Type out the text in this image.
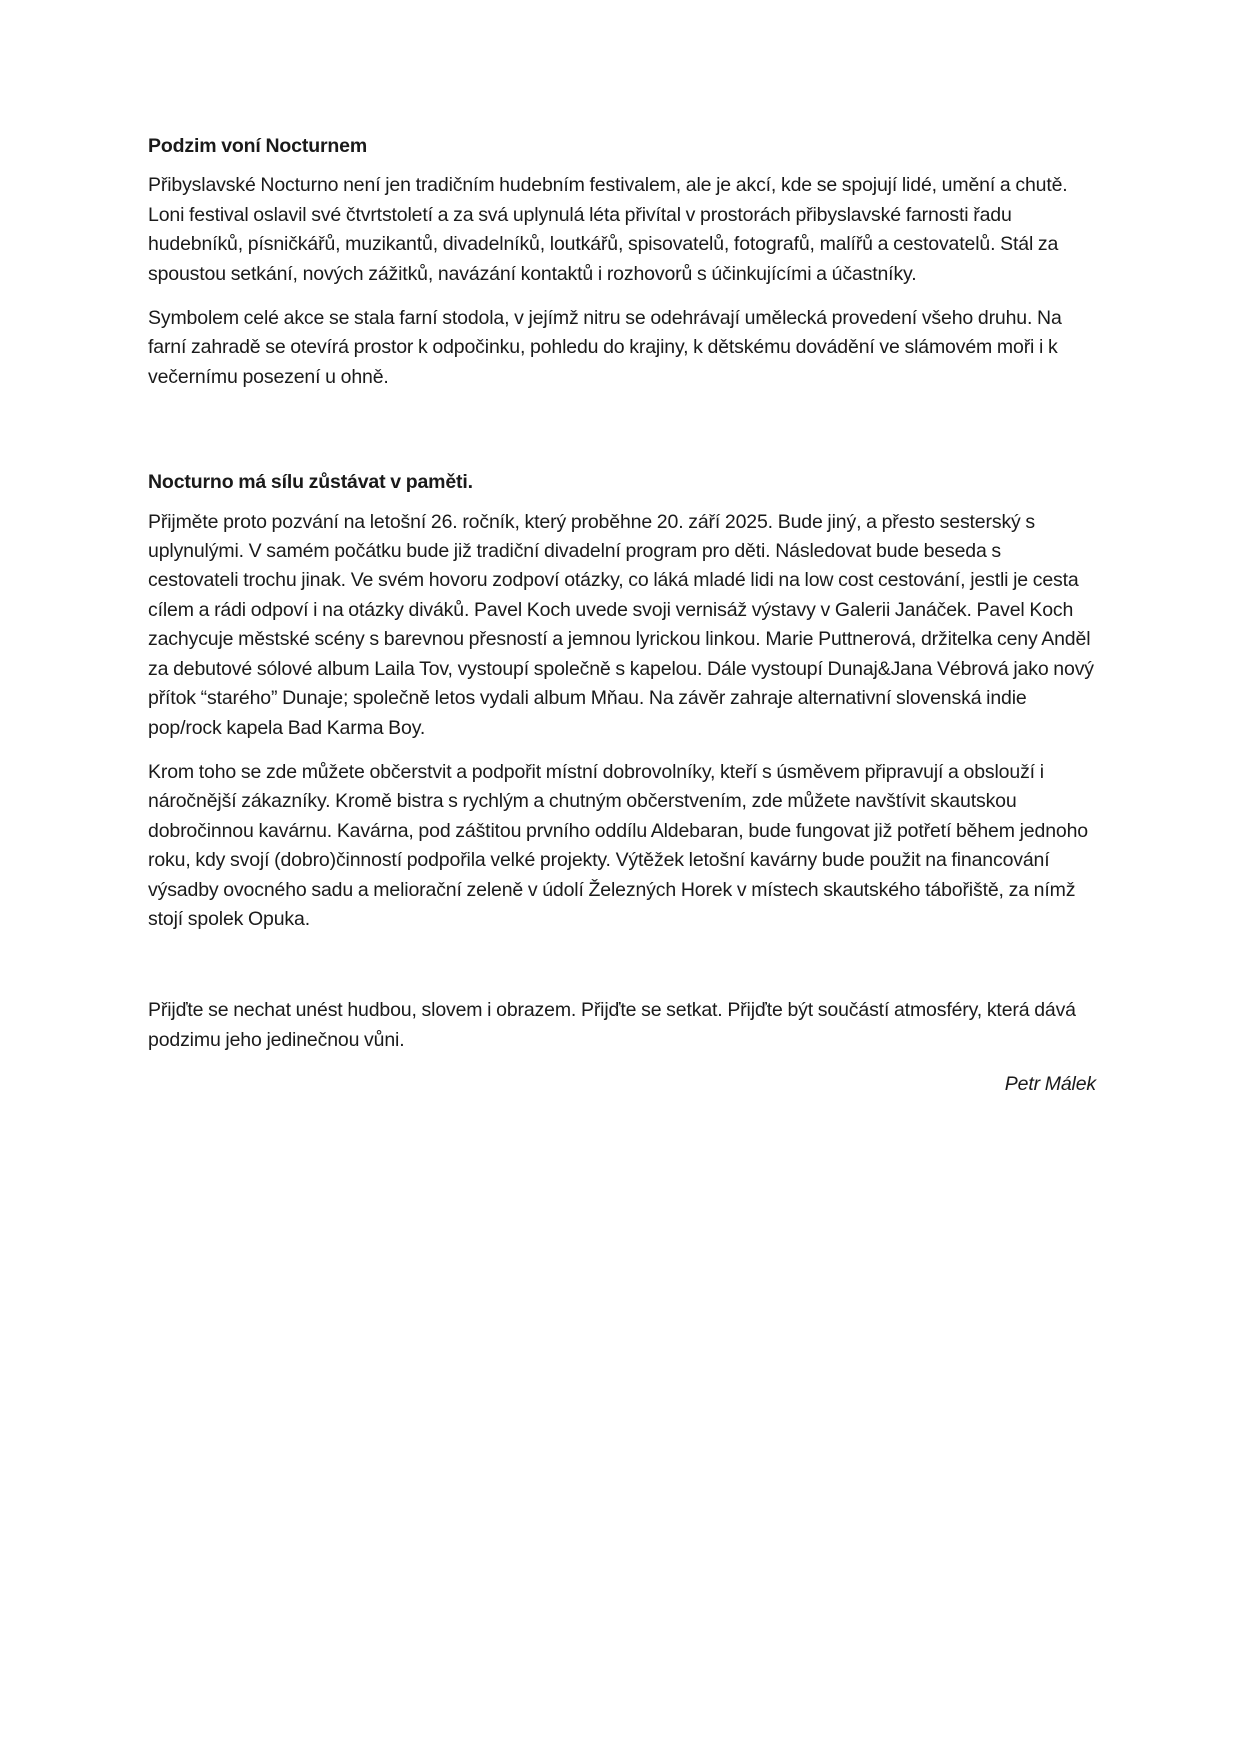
Podzim voní Nocturnem

Přibyslavské Nocturno není jen tradičním hudebním festivalem, ale je akcí, kde se spojují lidé, umění a chutě. Loni festival oslavil své čtvrtstoletí a za svá uplynulá léta přivítal v prostorách přibyslavské farnosti řadu hudebníků, písničkářů, muzikantů, divadelníků, loutkářů, spisovatelů, fotografů, malířů a cestovatelů. Stál za spoustou setkání, nových zážitků, navázání kontaktů i rozhovorů s účinkujícími a účastníky.

Symbolem celé akce se stala farní stodola, v jejímž nitru se odehrávají umělecká provedení všeho druhu. Na farní zahradě se otevírá prostor k odpočinku, pohledu do krajiny, k dětskému dovádění ve slámovém moři i k večernímu posezení u ohně.

Nocturno má sílu zůstávat v paměti.

Přijměte proto pozvání na letošní 26. ročník, který proběhne 20. září 2025. Bude jiný, a přesto sesterský s uplynulými. V samém počátku bude již tradiční divadelní program pro děti. Následovat bude beseda s cestovateli trochu jinak. Ve svém hovoru zodpoví otázky, co láká mladé lidi na low cost cestování, jestli je cesta cílem a rádi odpoví i na otázky diváků. Pavel Koch uvede svoji vernisáž výstavy v Galerii Janáček. Pavel Koch zachycuje městské scény s barevnou přesností a jemnou lyrickou linkou. Marie Puttnerová, držitelka ceny Anděl za debutové sólové album Laila Tov, vystoupí společně s kapelou. Dále vystoupí Dunaj&Jana Vébrová jako nový přítok “starého” Dunaje; společně letos vydali album Mňau. Na závěr zahraje alternativní slovenská indie pop/rock kapela Bad Karma Boy.

Krom toho se zde můžete občerstvit a podpořit místní dobrovolníky, kteří s úsměvem připravují a obslouží i náročnější zákazníky. Kromě bistra s rychlým a chutným občerstvením, zde můžete navštívit skautskou dobročinnou kavárnu. Kavárna, pod záštitou prvního oddílu Aldebaran, bude fungovat již potřetí během jednoho roku, kdy svojí (dobro)činností podpořila velké projekty. Výtěžek letošní kavárny bude použit na financování výsadby ovocného sadu a meliorační zeleně v údolí Železných Horek v místech skautského tábořiště, za nímž stojí spolek Opuka.

Přijďte se nechat unést hudbou, slovem i obrazem. Přijďte se setkat. Přijďte být součástí atmosféry, která dává podzimu jeho jedinečnou vůni.

Petr Málek
